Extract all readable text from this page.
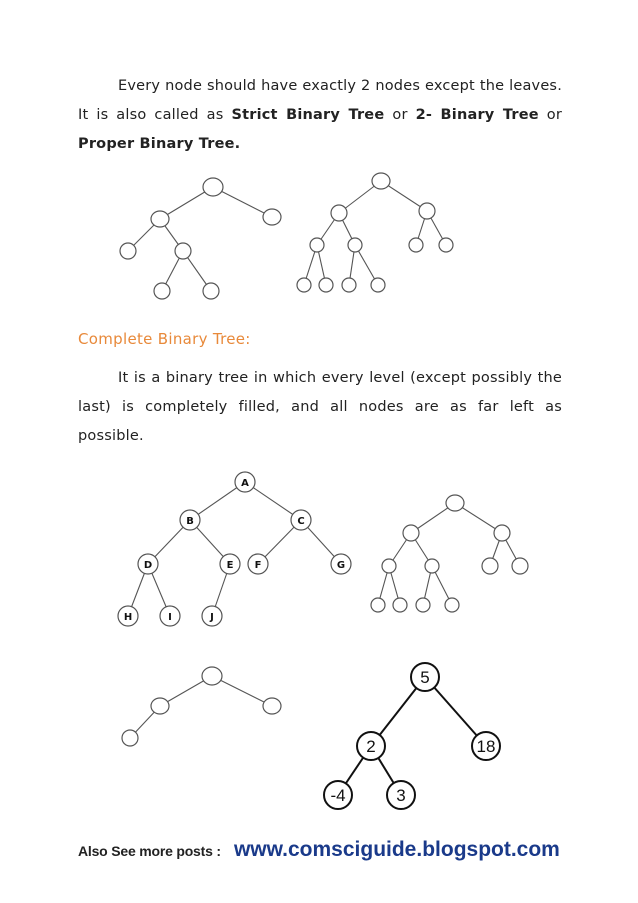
Every node should have exactly 2 nodes except the leaves. It is also called as Strict Binary Tree or 2- Binary Tree or Proper Binary Tree.
Complete Binary Tree:
It is a binary tree in which every level (except possibly the last) is completely filled, and all nodes are as far left as possible.
A
B	C
D	E F	G
H	I	J
5
2	18
-4	3
Also See more posts : www.comsciguide.blogspot.com
